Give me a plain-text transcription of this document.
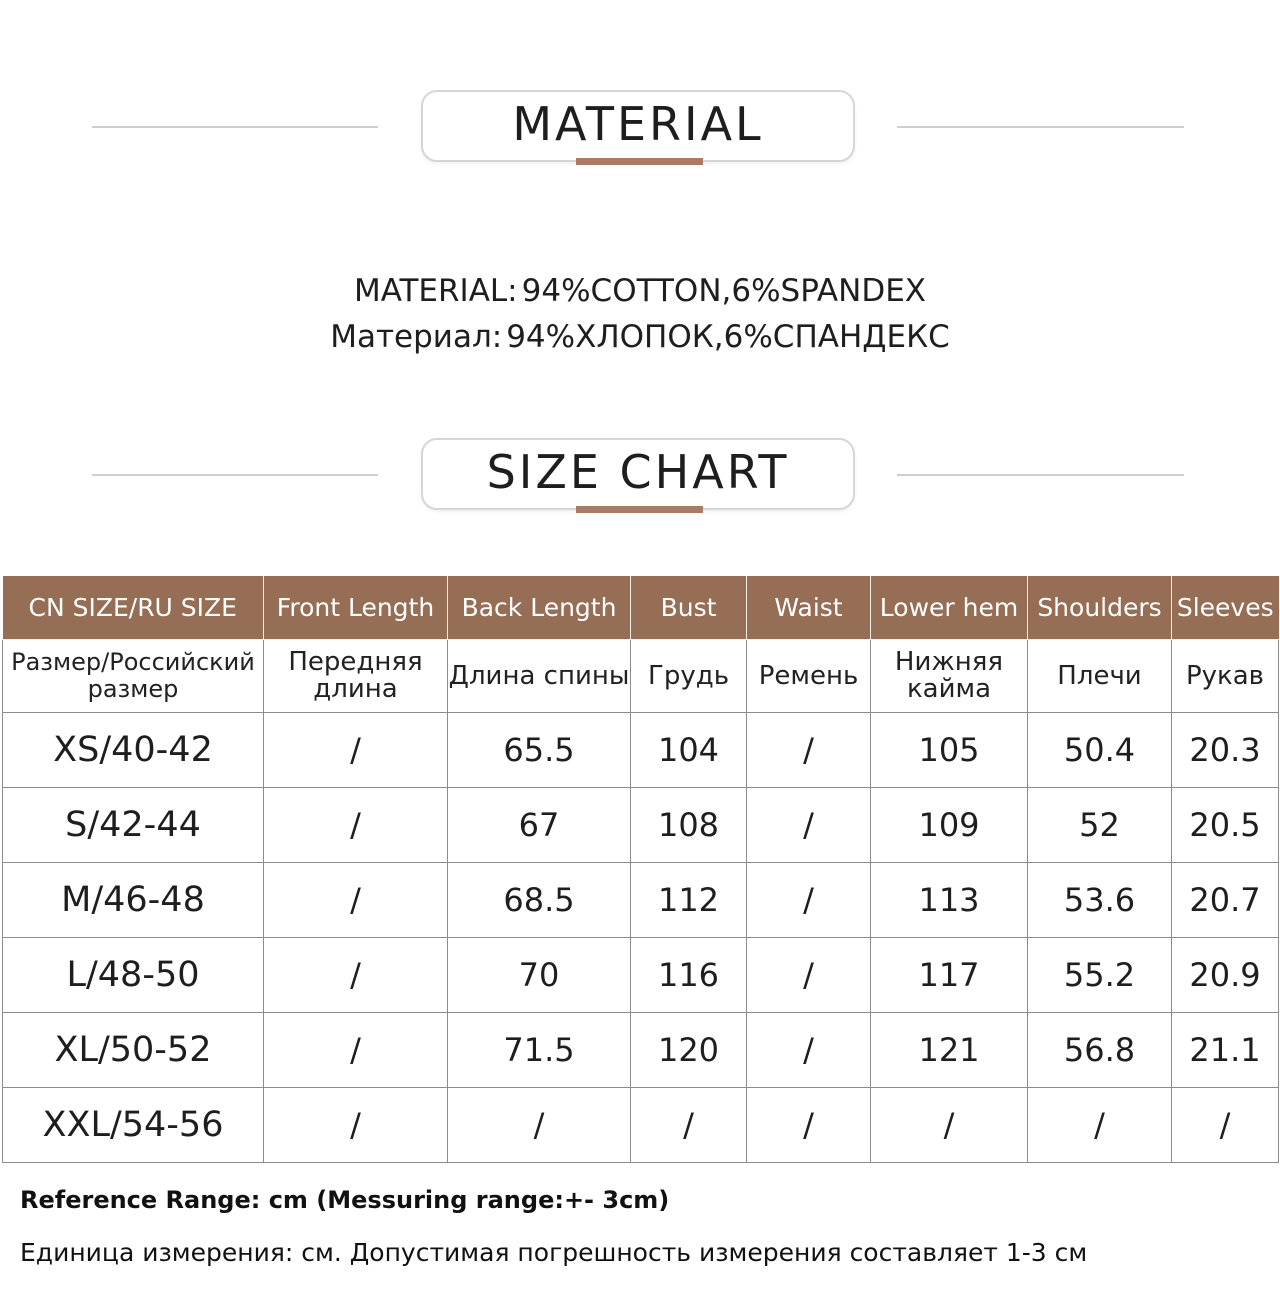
MATERIAL
MATERIAL: 94%COTTON,6%SPANDEX
Материал: 94%ХЛОПОК,6%СПАНДЕКС
SIZE CHART
CN SIZE/RU SIZE	Front Length	Back Length	Bust	Waist	Lower hem	Shoulders	Sleeves
Размер/Российский размер	Передняя длина	Длина спины	Грудь	Ремень	Нижняя кайма	Плечи	Рукав
XS/40-42	/	65.5	104	/	105	50.4	20.3
S/42-44	/	67	108	/	109	52	20.5
M/46-48	/	68.5	112	/	113	53.6	20.7
L/48-50	/	70	116	/	117	55.2	20.9
XL/50-52	/	71.5	120	/	121	56.8	21.1
XXL/54-56	/	/	/	/	/	/	/
Reference Range: cm (Messuring range:+- 3cm)
Единица измерения: см. Допустимая погрешность измерения составляет 1-3 см
